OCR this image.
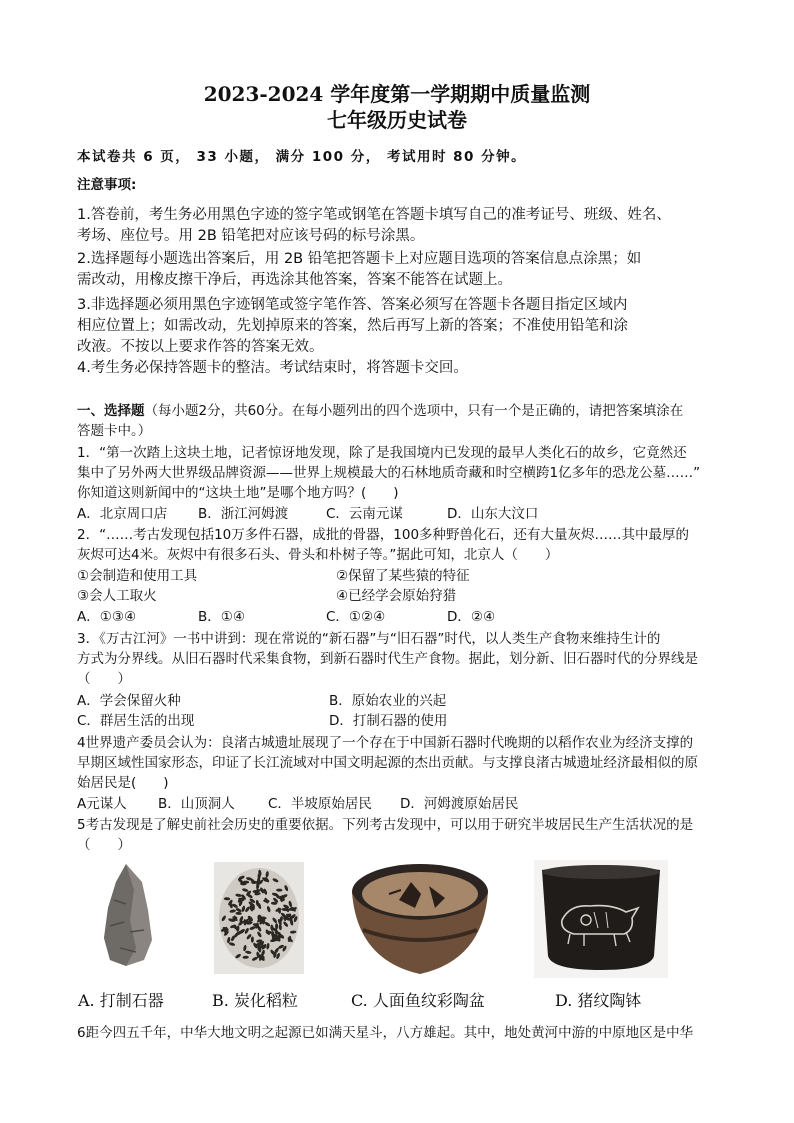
2023-2024 学年度第一学期期中质量监测
七年级历史试卷
本试卷共 6 页， 33 小题， 满分 100 分， 考试用时 80 分钟。
注意事项:
1.答卷前，考生务必用黑色字迹的签字笔或钢笔在答题卡填写自己的准考证号、班级、姓名、
考场、座位号。用 2B 铅笔把对应该号码的标号涂黑。
2.选择题每小题选出答案后，用 2B 铅笔把答题卡上对应题目选项的答案信息点涂黑；如
需改动，用橡皮擦干净后，再选涂其他答案，答案不能答在试题上。
3.非选择题必须用黑色字迹钢笔或签字笔作答、答案必须写在答题卡各题目指定区域内
相应位置上；如需改动，先划掉原来的答案，然后再写上新的答案；不准使用铅笔和涂
改液。不按以上要求作答的答案无效。
4.考生务必保持答题卡的整洁。考试结束时，将答题卡交回。
一、选择题（每小题2分，共60分。在每小题列出的四个选项中，只有一个是正确的，请把答案填涂在
答题卡中。）
1．“第一次踏上这块土地，记者惊讶地发现，除了是我国境内已发现的最早人类化石的故乡，它竟然还
集中了另外两大世界级品牌资源——世界上规模最大的石林地质奇藏和时空横跨1亿多年的恐龙公墓……”
你知道这则新闻中的“这块土地”是哪个地方吗？(　　)
A．北京周口店 B．浙江河姆渡	C．云南元谋	D．山东大汶口
2．“……考古发现包括10万多件石器，成批的骨器，100多种野兽化石，还有大量灰烬……其中最厚的
灰烬可达4米。灰烬中有很多石头、骨头和朴树子等。”据此可知，北京人（　　）
①会制造和使用工具	②保留了某些猿的特征
③会人工取火	④已经学会原始狩猎
A．①③④	B．①④	C．①②④	D．②④
3．《万古江河》一书中讲到：现在常说的“新石器”与“旧石器”时代，以人类生产食物来维持生计的
方式为分界线。从旧石器时代采集食物，到新石器时代生产食物。据此，划分新、旧石器时代的分界线是
（　　）
A．学会保留火种	B．原始农业的兴起
C．群居生活的出现	D．打制石器的使用
4世界遗产委员会认为：良渚古城遗址展现了一个存在于中国新石器时代晚期的以稻作农业为经济支撑的
早期区域性国家形态，印证了长江流域对中国文明起源的杰出贡献。与支撑良渚古城遗址经济最相似的原
始居民是(　　)
A元谋人 B．山顶洞人 C．半坡原始居民 D．河姆渡原始居民
5考古发现是了解史前社会历史的重要依据。下列考古发现中，可以用于研究半坡居民生产生活状况的是
（　　）
A. 打制石器	B. 炭化稻粒	C. 人面鱼纹彩陶盆	D. 猪纹陶钵
6距今四五千年，中华大地文明之起源已如满天星斗，八方雄起。其中，地处黄河中游的中原地区是中华
